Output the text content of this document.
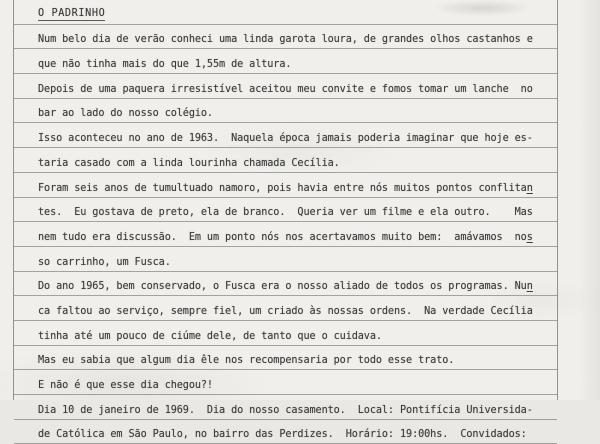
O PADRINHO
Num belo dia de verão conheci uma linda garota loura, de grandes olhos castanhos e
que não tinha mais do que 1,55m de altura.
Depois de uma paquera irresistível aceitou meu convite e fomos tomar um lanche  no
bar ao lado do nosso colégio.
Isso aconteceu no ano de 1963.  Naquela época jamais poderia imaginar que hoje es-
taria casado com a linda lourinha chamada Cecília.
Foram seis anos de tumultuado namoro, pois havia entre nós muitos pontos conflita n
tes.  Eu gostava de preto, ela de branco.  Queria ver um filme e ela outro.    Mas
nem tudo era discussão.  Em um ponto nós nos acertavamos muito bem:  amávamos  no s
so carrinho, um Fusca.
Do ano 1965, bem conservado, o Fusca era o nosso aliado de todos os programas. Nu n
ca faltou ao serviço, sempre fiel, um criado às nossas ordens.  Na verdade Cecília
tinha até um pouco de ciúme dele, de tanto que o cuidava.
Mas eu sabia que algum dia êle nos recompensaria por todo esse trato.
E não é que esse dia chegou?!
Dia 10 de janeiro de 1969.  Dia do nosso casamento.  Local: Pontifícia Universida-
de Católica em São Paulo, no bairro das Perdizes.  Horário: 19:00hs.  Convidados:
